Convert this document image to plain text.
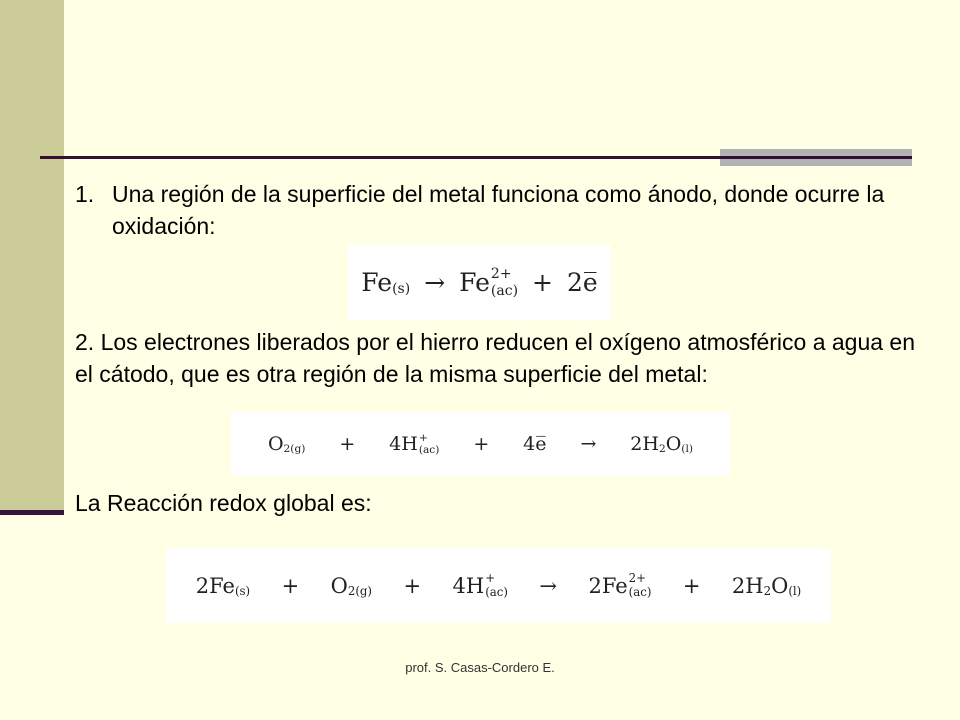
1. Una región de la superficie del metal funciona como ánodo, donde ocurre la oxidación:
Fe (s) → Fe 2+
(ac) + 2e̅
2. Los electrones liberados por el hierro reducen el oxígeno atmosférico a agua en el cátodo, que es otra región de la misma superficie del metal:
O 2 (g) + 4H +
(ac) + 4e̅ → 2H 2 O (l)
La Reacción redox global es:
2Fe (s) + O 2 (g) + 4H +
(ac) → 2Fe 2+
(ac) + 2H 2 O (l)
prof. S. Casas-Cordero E.
